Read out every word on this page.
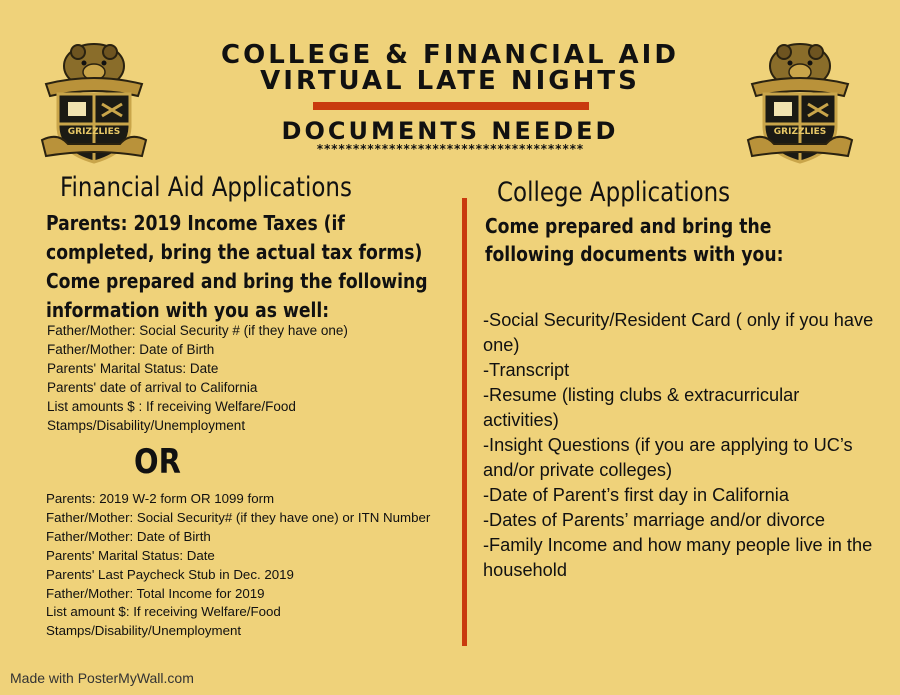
GRIZZLIES	GRIZZLIES
COLLEGE & FINANCIAL AID
VIRTUAL LATE NIGHTS
DOCUMENTS NEEDED
*************************************
Financial Aid Applications
Parents: 2019 Income Taxes (if
completed, bring the actual tax forms)
Come prepared and bring the following
information with you as well:
Father/Mother: Social Security # (if they have one)
Father/Mother: Date of Birth
Parents' Marital Status: Date
Parents' date of arrival to California
List amounts $ : If receiving Welfare/Food
Stamps/Disability/Unemployment
OR
Parents: 2019 W-2 form OR 1099 form
Father/Mother: Social Security# (if they have one) or ITN Number
Father/Mother: Date of Birth
Parents' Marital Status: Date
Parents' Last Paycheck Stub in Dec. 2019
Father/Mother: Total Income for 2019
List amount $: If receiving Welfare/Food
Stamps/Disability/Unemployment
College Applications
Come prepared and bring the
following documents with you:
-Social Security/Resident Card ( only if you have one)
-Transcript
-Resume (listing clubs & extracurricular activities)
-Insight Questions (if you are applying to UC’s and/or private colleges)
-Date of Parent’s first day in California
-Dates of Parents’ marriage and/or divorce
-Family Income and how many people live in the household
Made with PosterMyWall.com
